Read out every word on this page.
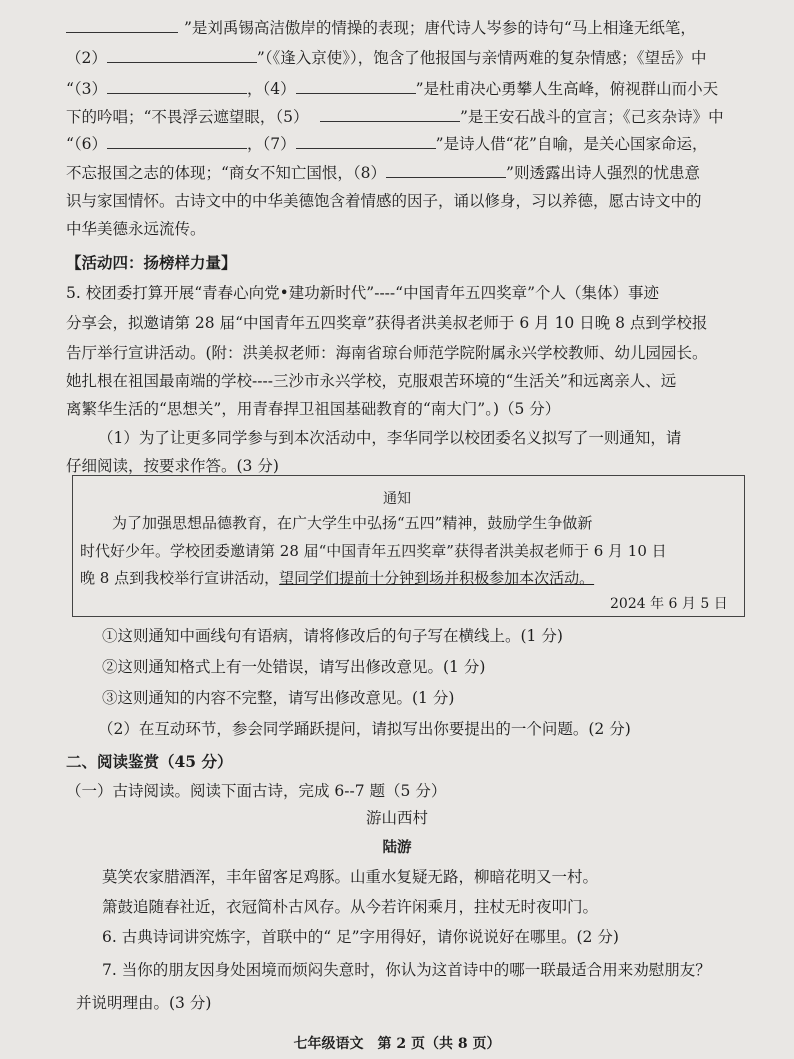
”是刘禹锡高洁傲岸的情操的表现；唐代诗人岑参的诗句“马上相逢无纸笔，
（2）	”（《逢入京使》），饱含了他报国与亲情两难的复杂情感；《望岳》中
“（3）	，（4）	”是杜甫决心勇攀人生高峰，俯视群山而小天
下的吟唱；“不畏浮云遮望眼，（5）
“（6）	，（7）	”是诗人借“花”自喻，是关心国家命运，
不忘报国之志的体现；“商女不知亡国恨，（8）	”则透露出诗人强烈的忧患意
识与家国情怀。古诗文中的中华美德饱含着情感的因子，诵以修身，习以养德，愿古诗文中的
中华美德永远流传。
”是王安石战斗的宣言；《己亥杂诗》中
【活动四：扬榜样力量】
5. 校团委打算开展“青春心向党•建功新时代”----“中国青年五四奖章”个人（集体）事迹
分享会，拟邀请第 28 届“中国青年五四奖章”获得者洪美叔老师于 6 月 10 日晚 8 点到学校报
告厅举行宣讲活动。(附：洪美叔老师：海南省琼台师范学院附属永兴学校教师、幼儿园园长。
她扎根在祖国最南端的学校----三沙市永兴学校，克服艰苦环境的“生活关”和远离亲人、远
离繁华生活的“思想关”，用青春捍卫祖国基础教育的“南大门”。)（5 分）
（1）为了让更多同学参与到本次活动中，李华同学以校团委名义拟写了一则通知，请
仔细阅读，按要求作答。(3 分)
通知
为了加强思想品德教育，在广大学生中弘扬“五四”精神，鼓励学生争做新
时代好少年。学校团委邀请第 28 届“中国青年五四奖章”获得者洪美叔老师于 6 月 10 日
晚 8 点到我校举行宣讲活动，望同学们提前十分钟到场并积极参加本次活动。
2024 年 6 月 5 日
①这则通知中画线句有语病，请将修改后的句子写在横线上。(1 分)
②这则通知格式上有一处错误，请写出修改意见。(1 分)
③这则通知的内容不完整，请写出修改意见。(1 分)
（2）在互动环节，参会同学踊跃提问，请拟写出你要提出的一个问题。(2 分)
二、阅读鉴赏（45 分）
（一）古诗阅读。阅读下面古诗，完成 6--7 题（5 分）
游山西村
陆游
莫笑农家腊酒浑，丰年留客足鸡豚。山重水复疑无路，柳暗花明又一村。
箫鼓追随春社近，衣冠简朴古风存。从今若许闲乘月，拄杖无时夜叩门。
6. 古典诗词讲究炼字，首联中的“ 足”字用得好，请你说说好在哪里。(2 分)
7. 当你的朋友因身处困境而烦闷失意时，你认为这首诗中的哪一联最适合用来劝慰朋友？
并说明理由。(3 分)
七年级语文　第 2 页（共 8 页）
